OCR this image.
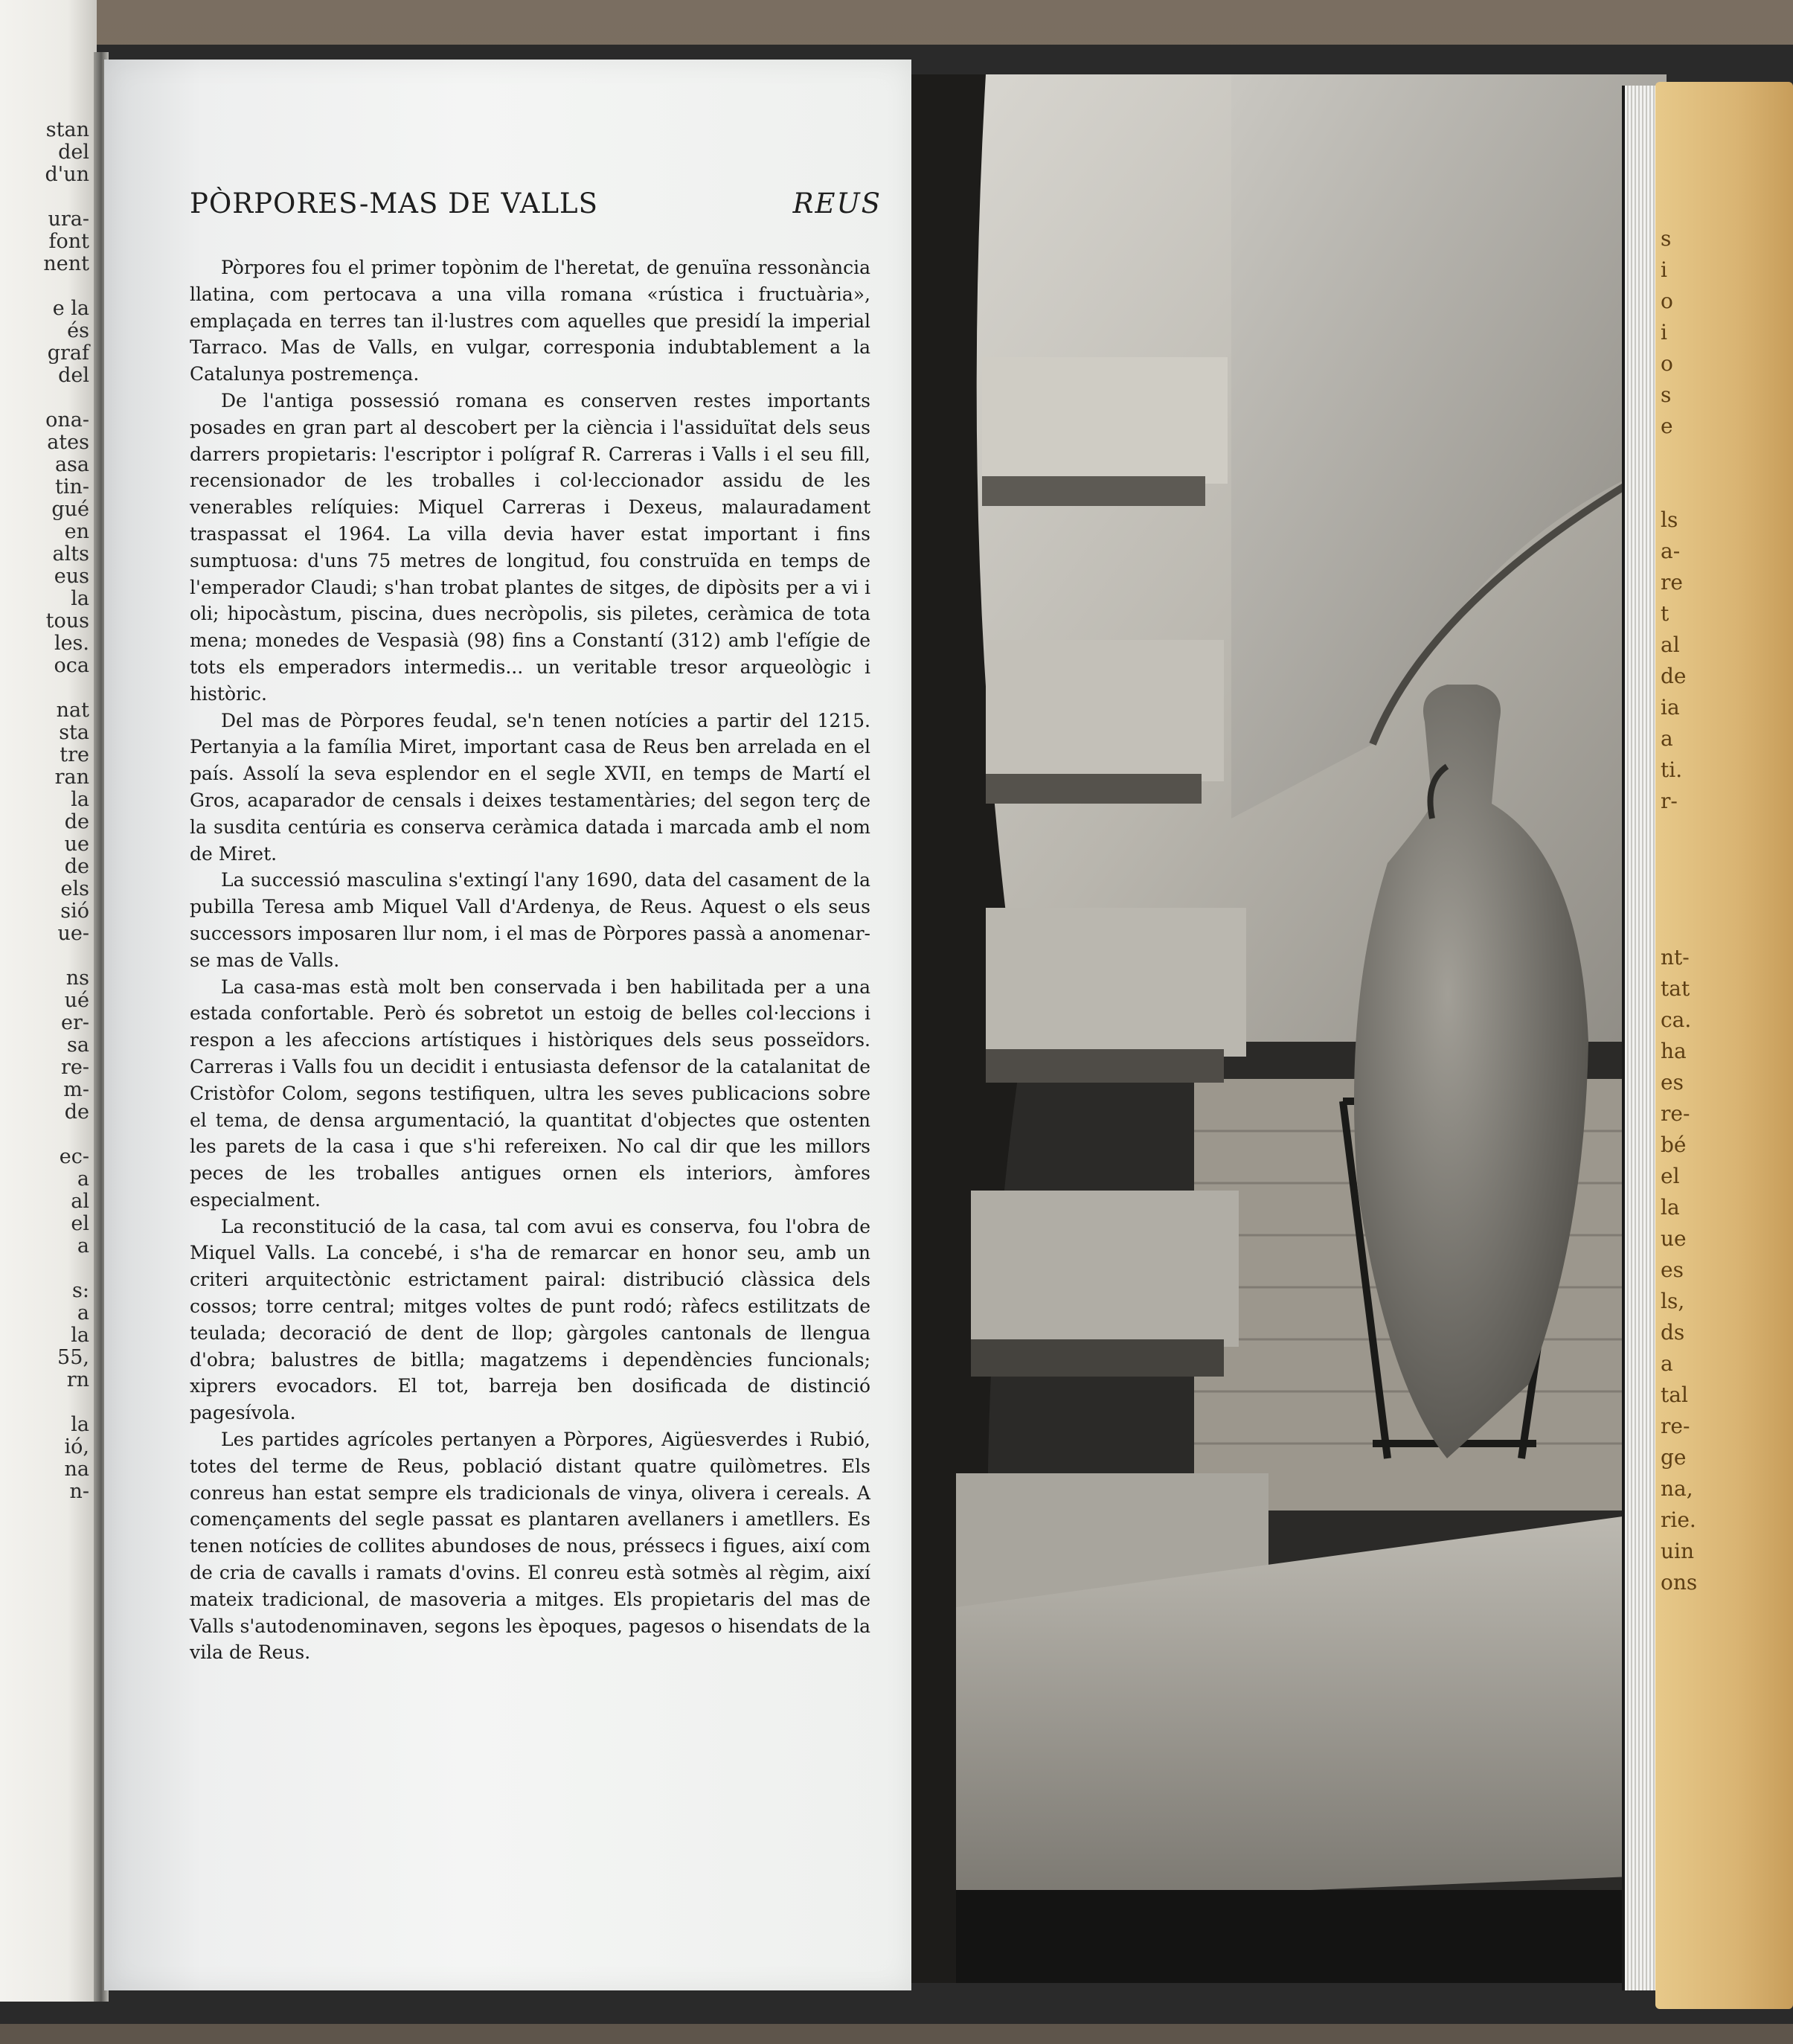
stan
del
d'un
ura-
font
nent
e la
és
graf
del
ona-
ates
asa
tin-
gué
en
alts
eus
la
tous
les.
oca
nat
sta
tre
ran
la
de
ue
de
els
sió
ue-
ns
ué
er-
sa
re-
m-
de
ec-
a
al
el
a
s:
a
la
55,
rn
la
ió,
na
n-
PÒRPORES-MAS DE VALLS	REUS

Pòrpores fou el primer topònim de l'heretat, de genuïna ressonància llatina, com pertocava a una villa romana «rústica i fructuària», emplaçada en terres tan il·lustres com aquelles que presidí la imperial Tarraco. Mas de Valls, en vulgar, corresponia indubtablement a la Catalunya postremença.

De l'antiga possessió romana es conserven restes importants posades en gran part al descobert per la ciència i l'assiduïtat dels seus darrers propietaris: l'escriptor i polígraf R. Carreras i Valls i el seu fill, recensionador de les troballes i col·leccionador assidu de les venerables relíquies: Miquel Carreras i Dexeus, malauradament traspassat el 1964. La villa devia haver estat important i fins sumptuosa: d'uns 75 metres de longitud, fou construïda en temps de l'emperador Claudi; s'han trobat plantes de sitges, de dipòsits per a vi i oli; hipocàstum, piscina, dues necròpolis, sis piletes, ceràmica de tota mena; monedes de Vespasià (98) fins a Constantí (312) amb l'efígie de tots els emperadors intermedis... un veritable tresor arqueològic i històric.

Del mas de Pòrpores feudal, se'n tenen notícies a partir del 1215. Pertanyia a la família Miret, important casa de Reus ben arrelada en el país. Assolí la seva esplendor en el segle XVII, en temps de Martí el Gros, acaparador de censals i deixes testamentàries; del segon terç de la susdita centúria es conserva ceràmica datada i marcada amb el nom de Miret.

La successió masculina s'extingí l'any 1690, data del casament de la pubilla Teresa amb Miquel Vall d'Ardenya, de Reus. Aquest o els seus successors imposaren llur nom, i el mas de Pòrpores passà a anomenar-se mas de Valls.

La casa-mas està molt ben conservada i ben habilitada per a una estada confortable. Però és sobretot un estoig de belles col·leccions i respon a les afeccions artístiques i històriques dels seus posseïdors. Carreras i Valls fou un decidit i entusiasta defensor de la catalanitat de Cristòfor Colom, segons testifiquen, ultra les seves publicacions sobre el tema, de densa argumentació, la quantitat d'objectes que ostenten les parets de la casa i que s'hi refereixen. No cal dir que les millors peces de les troballes antigues ornen els interiors, àmfores especialment.

La reconstitució de la casa, tal com avui es conserva, fou l'obra de Miquel Valls. La concebé, i s'ha de remarcar en honor seu, amb un criteri arquitectònic estrictament pairal: distribució clàssica dels cossos; torre central; mitges voltes de punt rodó; ràfecs estilitzats de teulada; decoració de dent de llop; gàrgoles cantonals de llengua d'obra; balustres de bitlla; magatzems i dependències funcionals; xiprers evocadors. El tot, barreja ben dosificada de distinció pagesívola.

Les partides agrícoles pertanyen a Pòrpores, Aigüesverdes i Rubió, totes del terme de Reus, població distant quatre quilòmetres. Els conreus han estat sempre els tradicionals de vinya, olivera i cereals. A començaments del segle passat es plantaren avellaners i ametllers. Es tenen notícies de collites abundoses de nous, préssecs i figues, així com de cria de cavalls i ramats d'ovins. El conreu està sotmès al règim, així mateix tradicional, de masoveria a mitges. Els propietaris del mas de Valls s'autodenominaven, segons les èpoques, pagesos o hisendats de la vila de Reus.

s
i
o
i
o
s
e
ls
a-
re
t
al
de
ia
a
ti.
r-
nt-
tat
ca.
ha
es
re-
bé
el
la
ue
es
ls,
ds
a
tal
re-
ge
na,
rie.
uin
ons
